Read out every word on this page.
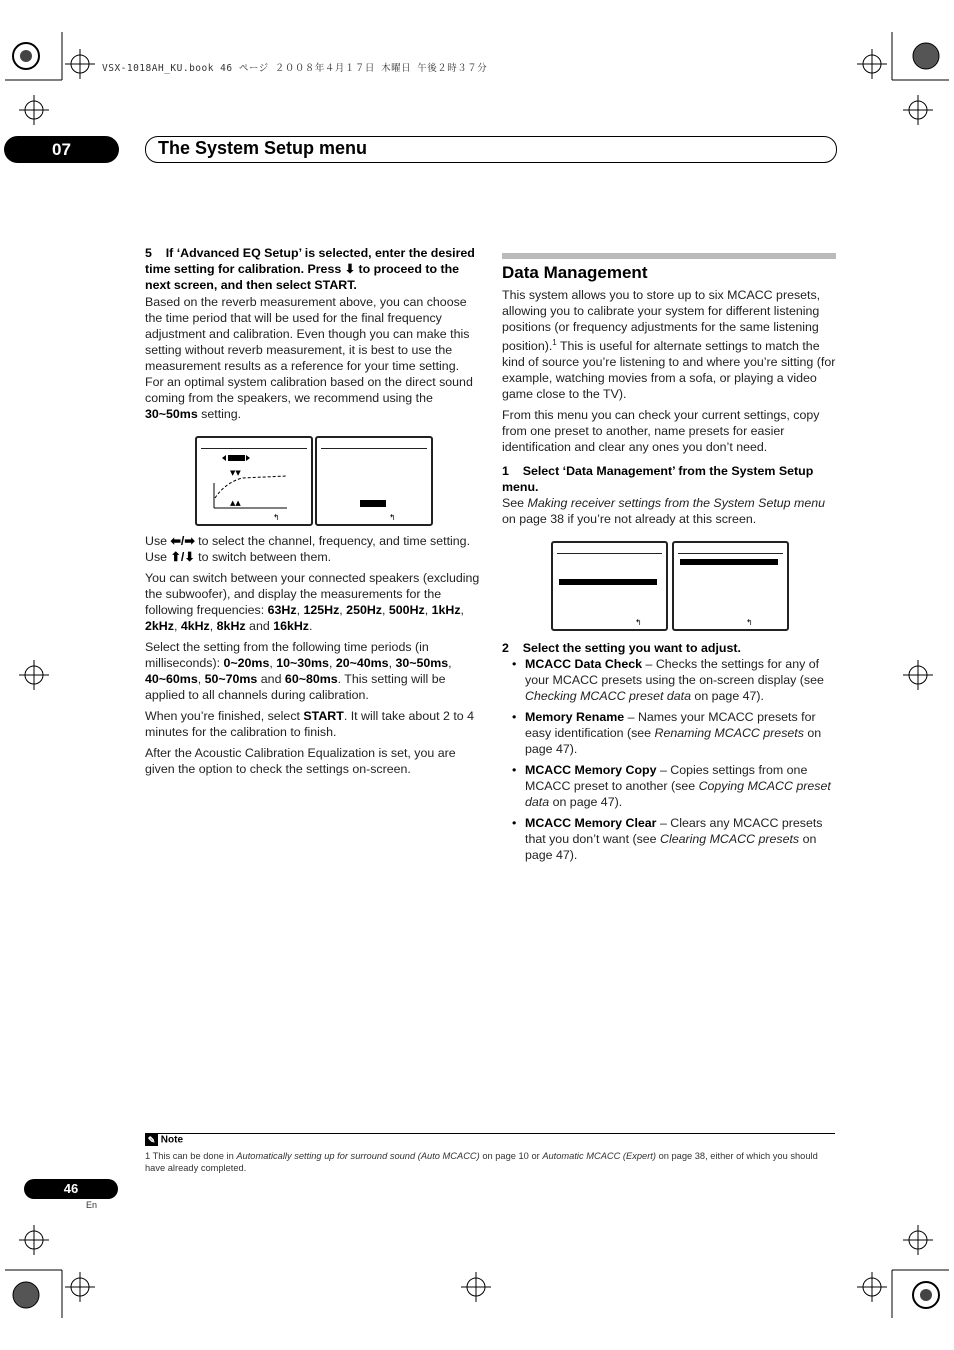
VSX-1018AH_KU.book 46 ページ ２００８年４月１７日 木曜日 午後２時３７分
07	The System Setup menu

5 If ‘Advanced EQ Setup’ is selected, enter the desired time setting for calibration. Press ⬇ to proceed to the next screen, and then select START.

Based on the reverb measurement above, you can choose the time period that will be used for the final frequency adjustment and calibration. Even though you can make this setting without reverb measurement, it is best to use the measurement results as a reference for your time setting. For an optimal system calibration based on the direct sound coming from the speakers, we recommend using the 30~50ms setting.

▼▼
▲▲
↰	↰

Use ⬅/➡ to select the channel, frequency, and time setting. Use ⬆/⬇ to switch between them.

You can switch between your connected speakers (excluding the subwoofer), and display the measurements for the following frequencies: 63Hz, 125Hz, 250Hz, 500Hz, 1kHz, 2kHz, 4kHz, 8kHz and 16kHz.

Select the setting from the following time periods (in milliseconds): 0~20ms, 10~30ms, 20~40ms, 30~50ms, 40~60ms, 50~70ms and 60~80ms. This setting will be applied to all channels during calibration.

When you’re finished, select START. It will take about 2 to 4 minutes for the calibration to finish.

After the Acoustic Calibration Equalization is set, you are given the option to check the settings on-screen.

Data Management

This system allows you to store up to six MCACC presets, allowing you to calibrate your system for different listening positions (or frequency adjustments for the same listening position).$^1$ This is useful for alternate settings to match the kind of source you’re listening to and where you’re sitting (for example, watching movies from a sofa, or playing a video game close to the TV).

From this menu you can check your current settings, copy from one preset to another, name presets for easier identification and clear any ones you don’t need.

1 Select ‘Data Management’ from the System Setup menu.

See Making receiver settings from the System Setup menu on page 38 if you’re not already at this screen.

↰	↰

2 Select the setting you want to adjust.

• MCACC Data Check – Checks the settings for any of your MCACC presets using the on-screen display (see Checking MCACC preset data on page 47).
• Memory Rename – Names your MCACC presets for easy identification (see Renaming MCACC presets on page 47).
• MCACC Memory Copy – Copies settings from one MCACC preset to another (see Copying MCACC preset data on page 47).
• MCACC Memory Clear – Clears any MCACC presets that you don’t want (see Clearing MCACC presets on page 47).
✎ Note
1 This can be done in Automatically setting up for surround sound (Auto MCACC) on page 10 or Automatic MCACC (Expert) on page 38, either of which you should have already completed.
46
En
